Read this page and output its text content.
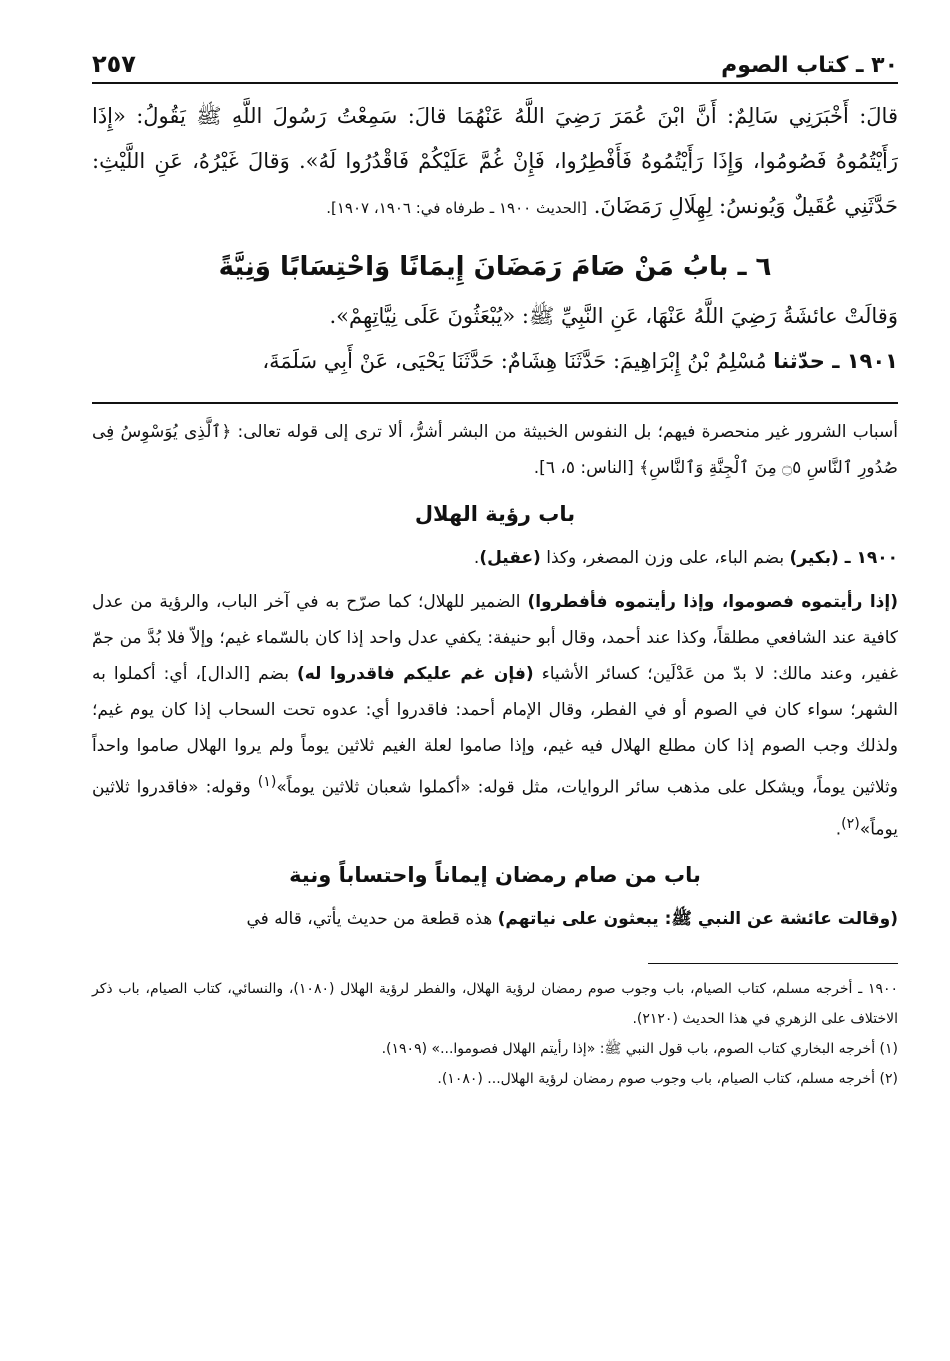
٣٠ ـ كتاب الصوم
٢٥٧

قالَ: أَخْبَرَنِي سَالِمٌ: أَنَّ ابْنَ عُمَرَ رَضِيَ اللَّهُ عَنْهُمَا قالَ: سَمِعْتُ رَسُولَ اللَّهِ ﷺ يَقُولُ: «إِذَا رَأَيْتُمُوهُ فَصُومُوا، وَإِذَا رَأَيْتُمُوهُ فَأَفْطِرُوا، فَإِنْ غُمَّ عَلَيْكُمْ فَاقْدُرُوا لَهُ». وَقالَ غَيْرُهُ، عَنِ اللَّيْثِ: حَدَّثَنِي عُقَيلٌ وَيُونسُ: لِهِلَالِ رَمَضَانَ. [الحديث ١٩٠٠ ـ طرفاه في: ١٩٠٦، ١٩٠٧].

٦ ـ بابُ مَنْ صَامَ رَمَضَانَ إِيمَانًا وَاحْتِسَابًا وَنِيَّةً

وَقالَتْ عائشَةُ رَضِيَ اللَّهُ عَنْهَا، عَنِ النَّبِيِّ ﷺ: «يُبْعَثُونَ عَلَى نِيَّاتِهِمْ».

١٩٠١ ـ حدّثنا مُسْلِمُ بْنُ إِبْرَاهِيمَ: حَدَّثَنَا هِشَامٌ: حَدَّثَنَا يَحْيَى، عَنْ أَبِي سَلَمَةَ،

أسباب الشرور غير منحصرة فيهم؛ بل النفوس الخبيثة من البشر أشرُّ، ألا ترى إلى قوله تعالى: ﴿ٱلَّذِى يُوَسْوِسُ فِى صُدُورِ ٱلنَّاسِ ۝٥ مِنَ ٱلْجِنَّةِ وَٱلنَّاسِ﴾ [الناس: ٥، ٦].

باب رؤية الهلال

١٩٠٠ ـ (بكير) بضم الباء، على وزن المصغر، وكذا (عقيل).

(إذا رأيتموه فصوموا، وإذا رأيتموه فأفطروا) الضمير للهلال؛ كما صرّح به في آخر الباب، والرؤية من عدل كافية عند الشافعي مطلقاً، وكذا عند أحمد، وقال أبو حنيفة: يكفي عدل واحد إذا كان بالسّماء غيم؛ وإلاّ فلا بُدَّ من جمّ غفير، وعند مالك: لا بدّ من عَدْلَين؛ كسائر الأشياء (فإن غم عليكم فاقدروا له) بضم [الدال]، أي: أكملوا به الشهر؛ سواء كان في الصوم أو في الفطر، وقال الإمام أحمد: فاقدروا أي: عدوه تحت السحاب إذا كان يوم غيم؛ ولذلك وجب الصوم إذا كان مطلع الهلال فيه غيم، وإذا صاموا لعلة الغيم ثلاثين يوماً ولم يروا الهلال صاموا واحداً وثلاثين يوماً، ويشكل على مذهب سائر الروايات، مثل قوله: «أكملوا شعبان ثلاثين يوماً»$^{(١)}$ وقوله: «فاقدروا ثلاثين يوماً»$^{(٢)}$.

باب من صام رمضان إيماناً واحتساباً ونية

(وقالت عائشة عن النبي ﷺ: يبعثون على نياتهم) هذه قطعة من حديث يأتي، قاله في

١٩٠٠ ـ أخرجه مسلم، كتاب الصيام، باب وجوب صوم رمضان لرؤية الهلال، والفطر لرؤية الهلال (١٠٨٠)، والنسائي، كتاب الصيام، باب ذكر الاختلاف على الزهري في هذا الحديث (٢١٢٠).

(١) أخرجه البخاري كتاب الصوم، باب قول النبي ﷺ: «إذا رأيتم الهلال فصوموا...» (١٩٠٩).

(٢) أخرجه مسلم، كتاب الصيام، باب وجوب صوم رمضان لرؤية الهلال... (١٠٨٠).
